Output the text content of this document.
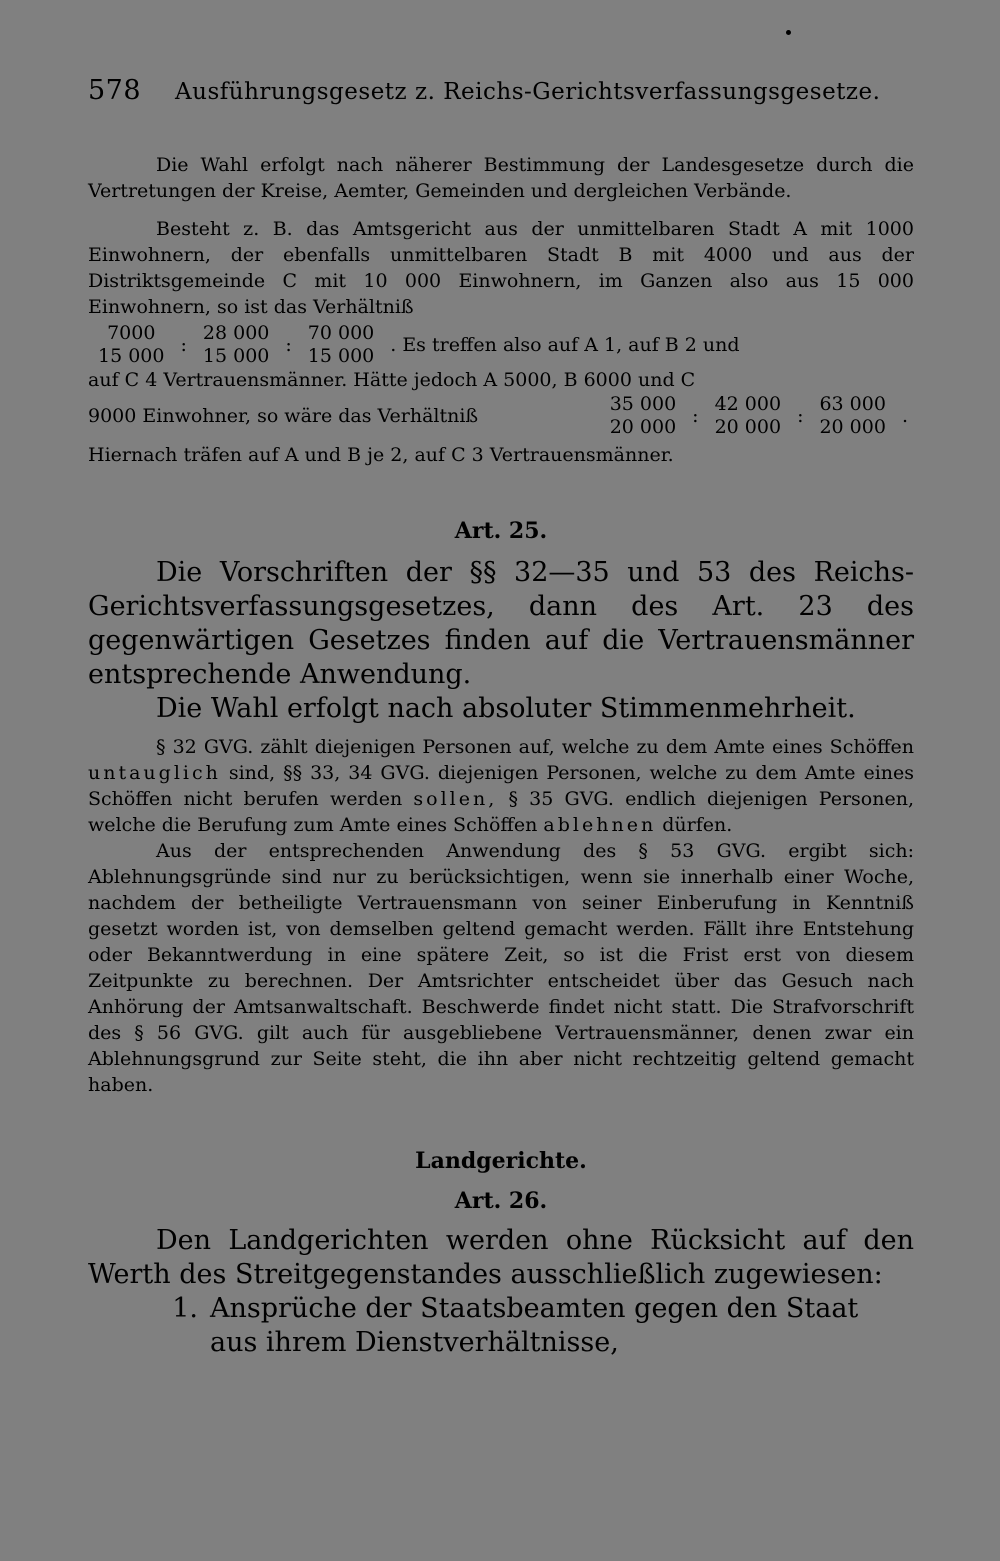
578 Ausführungsgesetz z. Reichs-Gerichtsverfassungsgesetze.

Die Wahl erfolgt nach näherer Bestimmung der Landesgesetze durch die Vertretungen der Kreise, Aemter, Gemeinden und dergleichen Verbände.

Besteht z. B. das Amtsgericht aus der unmittelbaren Stadt A mit 1000 Einwohnern, der ebenfalls unmittelbaren Stadt B mit 4000 und aus der Distriktsgemeinde C mit 10 000 Einwohnern, im Ganzen also aus 15 000 Einwohnern, so ist das Verhältniß

7000
15 000
:
28 000
15 000
:
70 000
15 000
. Es treffen also auf A 1, auf B 2 und

auf C 4 Vertrauensmänner. Hätte jedoch A 5000, B 6000 und C

9000 Einwohner, so wäre das Verhältniß
35 000
20 000
:
42 000
20 000
:
63 000
20 000
.

Hiernach träfen auf A und B je 2, auf C 3 Vertrauensmänner.

Art. 25.

Die Vorschriften der §§ 32—35 und 53 des Reichs-Gerichtsverfassungsgesetzes, dann des Art. 23 des gegenwärtigen Gesetzes finden auf die Vertrauensmänner entsprechende Anwendung.

Die Wahl erfolgt nach absoluter Stimmenmehrheit.

§ 32 GVG. zählt diejenigen Personen auf, welche zu dem Amte eines Schöffen untauglich sind, §§ 33, 34 GVG. diejenigen Personen, welche zu dem Amte eines Schöffen nicht berufen werden sollen, § 35 GVG. endlich diejenigen Personen, welche die Berufung zum Amte eines Schöffen ablehnen dürfen.

Aus der entsprechenden Anwendung des § 53 GVG. ergibt sich: Ablehnungsgründe sind nur zu berücksichtigen, wenn sie innerhalb einer Woche, nachdem der betheiligte Vertrauensmann von seiner Einberufung in Kenntniß gesetzt worden ist, von demselben geltend gemacht werden. Fällt ihre Entstehung oder Bekanntwerdung in eine spätere Zeit, so ist die Frist erst von diesem Zeitpunkte zu berechnen. Der Amtsrichter entscheidet über das Gesuch nach Anhörung der Amtsanwaltschaft. Beschwerde findet nicht statt. Die Strafvorschrift des § 56 GVG. gilt auch für ausgebliebene Vertrauensmänner, denen zwar ein Ablehnungsgrund zur Seite steht, die ihn aber nicht rechtzeitig geltend gemacht haben.

Landgerichte.
Art. 26.

Den Landgerichten werden ohne Rücksicht auf den Werth des Streitgegenstandes ausschließlich zugewiesen:

1. Ansprüche der Staatsbeamten gegen den Staat aus ihrem Dienstverhältnisse,
